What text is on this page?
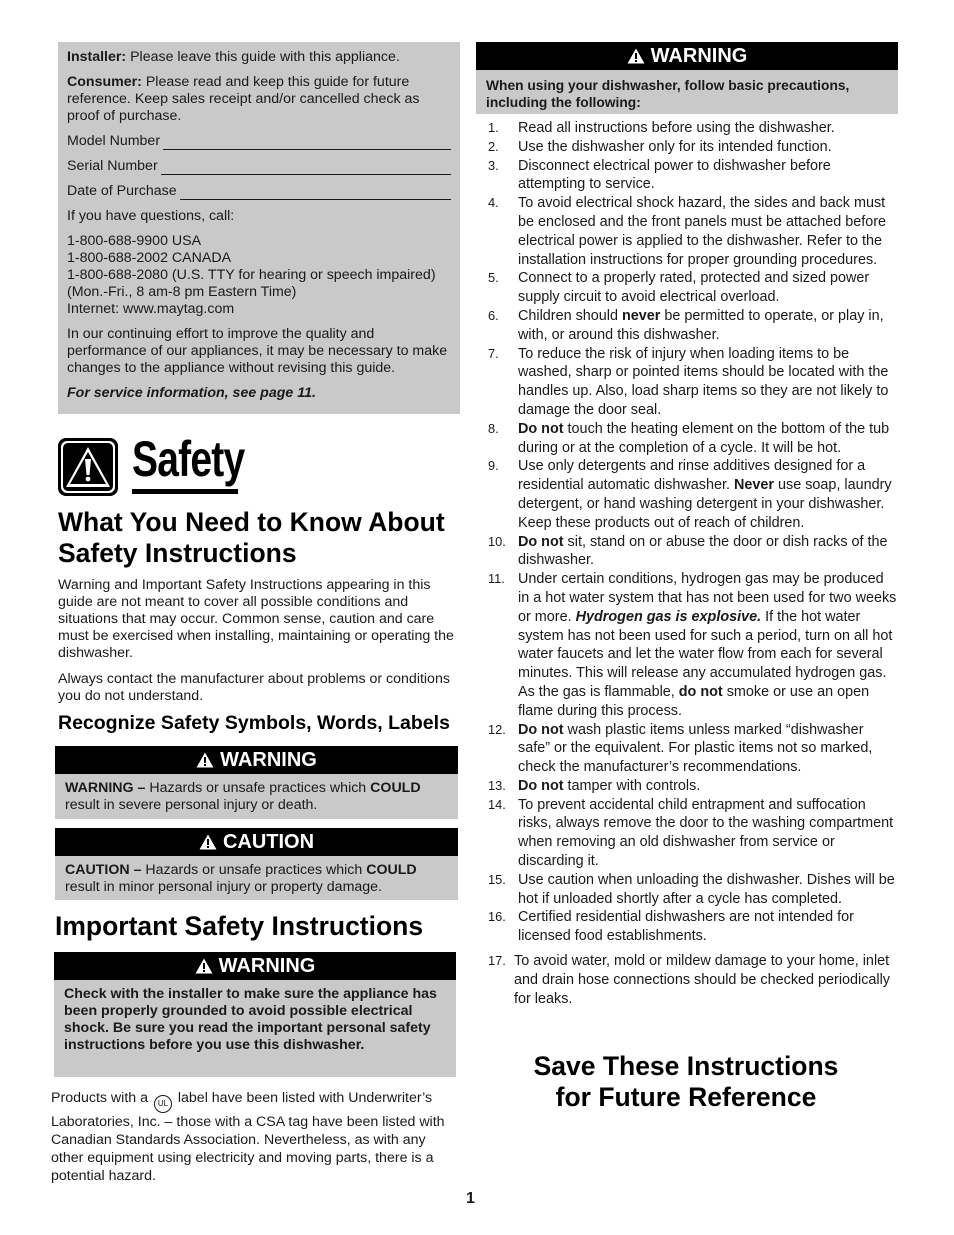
Installer: Please leave this guide with this appliance.

Consumer: Please read and keep this guide for future reference. Keep sales receipt and/or cancelled check as proof of purchase.

Model Number
Serial Number
Date of Purchase

If you have questions, call:

1-800-688-9900 USA
1-800-688-2002 CANADA
1-800-688-2080 (U.S. TTY for hearing or speech impaired) (Mon.-Fri., 8 am-8 pm Eastern Time)
Internet: www.maytag.com

In our continuing effort to improve the quality and performance of our appliances, it may be necessary to make changes to the appliance without revising this guide.

For service information, see page 11.

Safety
What You Need to Know About Safety Instructions

Warning and Important Safety Instructions appearing in this guide are not meant to cover all possible conditions and situations that may occur. Common sense, caution and care must be exercised when installing, maintaining or operating the dishwasher.

Always contact the manufacturer about problems or conditions you do not understand.

Recognize Safety Symbols, Words, Labels
WARNING
WARNING – Hazards or unsafe practices which COULD result in severe personal injury or death.
CAUTION
CAUTION – Hazards or unsafe practices which COULD result in minor personal injury or property damage.
Important Safety Instructions
WARNING
Check with the installer to make sure the appliance has been properly grounded to avoid possible electrical shock. Be sure you read the important personal safety instructions before you use this dishwasher.
Products with a UL label have been listed with Underwriter’s Laboratories, Inc. – those with a CSA tag have been listed with Canadian Standards Association. Nevertheless, as with any other equipment using electricity and moving parts, there is a potential hazard.
WARNING
When using your dishwasher, follow basic precautions, including the following:
1.	Read all instructions before using the dishwasher.
2.	Use the dishwasher only for its intended function.
3.	Disconnect electrical power to dishwasher before attempting to service.
4.	To avoid electrical shock hazard, the sides and back must be enclosed and the front panels must be attached before electrical power is applied to the dishwasher. Refer to the installation instructions for proper grounding procedures.
5.	Connect to a properly rated, protected and sized power supply circuit to avoid electrical overload.
6.	Children should never be permitted to operate, or play in, with, or around this dishwasher.
7.	To reduce the risk of injury when loading items to be washed, sharp or pointed items should be located with the handles up. Also, load sharp items so they are not likely to damage the door seal.
8.	Do not touch the heating element on the bottom of the tub during or at the completion of a cycle. It will be hot.
9.	Use only detergents and rinse additives designed for a residential automatic dishwasher. Never use soap, laundry detergent, or hand washing detergent in your dishwasher. Keep these products out of reach of children.
10. Do not sit, stand on or abuse the door or dish racks of the dishwasher.
11. Under certain conditions, hydrogen gas may be produced in a hot water system that has not been used for two weeks or more. Hydrogen gas is explosive. If the hot water system has not been used for such a period, turn on all hot water faucets and let the water flow from each for several minutes. This will release any accumulated hydrogen gas. As the gas is flammable, do not smoke or use an open flame during this process.
12. Do not wash plastic items unless marked “dishwasher safe” or the equivalent. For plastic items not so marked, check the manufacturer’s recommendations.
13. Do not tamper with controls.
14. To prevent accidental child entrapment and suffocation risks, always remove the door to the washing compartment when removing an old dishwasher from service or discarding it.
15. Use caution when unloading the dishwasher. Dishes will be hot if unloaded shortly after a cycle has completed.
16. Certified residential dishwashers are not intended for licensed food establishments.
17. To avoid water, mold or mildew damage to your home, inlet and drain hose connections should be checked periodically for leaks.
Save These Instructions
for Future Reference
1
